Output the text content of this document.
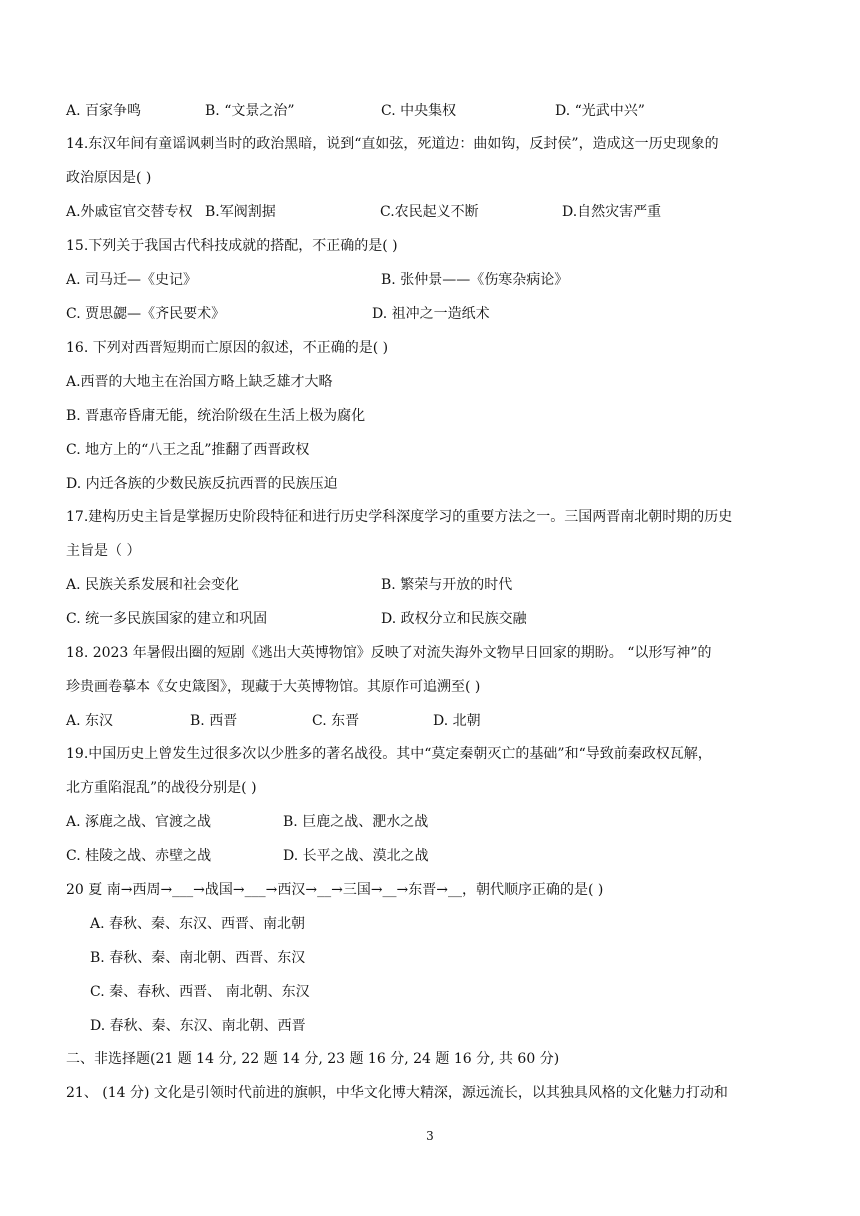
A. 百家争鸣	B. “文景之治”	C. 中央集权	D. “光武中兴”
14.东汉年间有童谣讽刺当时的政治黑暗，说到“直如弦，死道边：曲如钩，反封侯”，造成这一历史现象的
政治原因是( )
A.外戚宦官交替专权 B.军阀割据	C.农民起义不断	D.自然灾害严重
15.下列关于我国古代科技成就的搭配，不正确的是( )
A. 司马迁—《史记》	B. 张仲景——《伤寒杂病论》
C. 贾思勰—《齐民要术》	D. 祖冲之一造纸术
16. 下列对西晋短期而亡原因的叙述，不正确的是( )
A.西晋的大地主在治国方略上缺乏雄才大略
B. 晋惠帝昏庸无能，统治阶级在生活上极为腐化
C. 地方上的“八王之乱”推翻了西晋政权
D. 内迁各族的少数民族反抗西晋的民族压迫
17.建构历史主旨是掌握历史阶段特征和进行历史学科深度学习的重要方法之一。三国两晋南北朝时期的历史
主旨是（ ）
A. 民族关系发展和社会变化	B. 繁荣与开放的时代
C. 统一多民族国家的建立和巩固	D. 政权分立和民族交融
18. 2023 年暑假出圈的短剧《逃出大英博物馆》反映了对流失海外文物早日回家的期盼。 “以形写神”的
珍贵画卷摹本《女史箴图》，现藏于大英博物馆。其原作可追溯至( )
A. 东汉	B. 西晋	C. 东晋	D. 北朝
19.中国历史上曾发生过很多次以少胜多的著名战役。其中“莫定秦朝灭亡的基础”和“导致前秦政权瓦解，
北方重陷混乱”的战役分别是( )
A. 涿鹿之战、官渡之战	B. 巨鹿之战、淝水之战
C. 桂陵之战、赤壁之战	D. 长平之战、漠北之战
20 夏 南→西周→___→战国→___→西汉→__→三国→__→东晋→__，朝代顺序正确的是( )
A. 春秋、秦、东汉、西晋、南北朝
B. 春秋、秦、南北朝、西晋、东汉
C. 秦、春秋、西晋、 南北朝、东汉
D. 春秋、秦、东汉、南北朝、西晋
二、非选择题(21 题 14 分, 22 题 14 分, 23 题 16 分, 24 题 16 分, 共 60 分)
21、 (14 分) 文化是引领时代前进的旗帜，中华文化博大精深，源远流长，以其独具风格的文化魅力打动和
3
